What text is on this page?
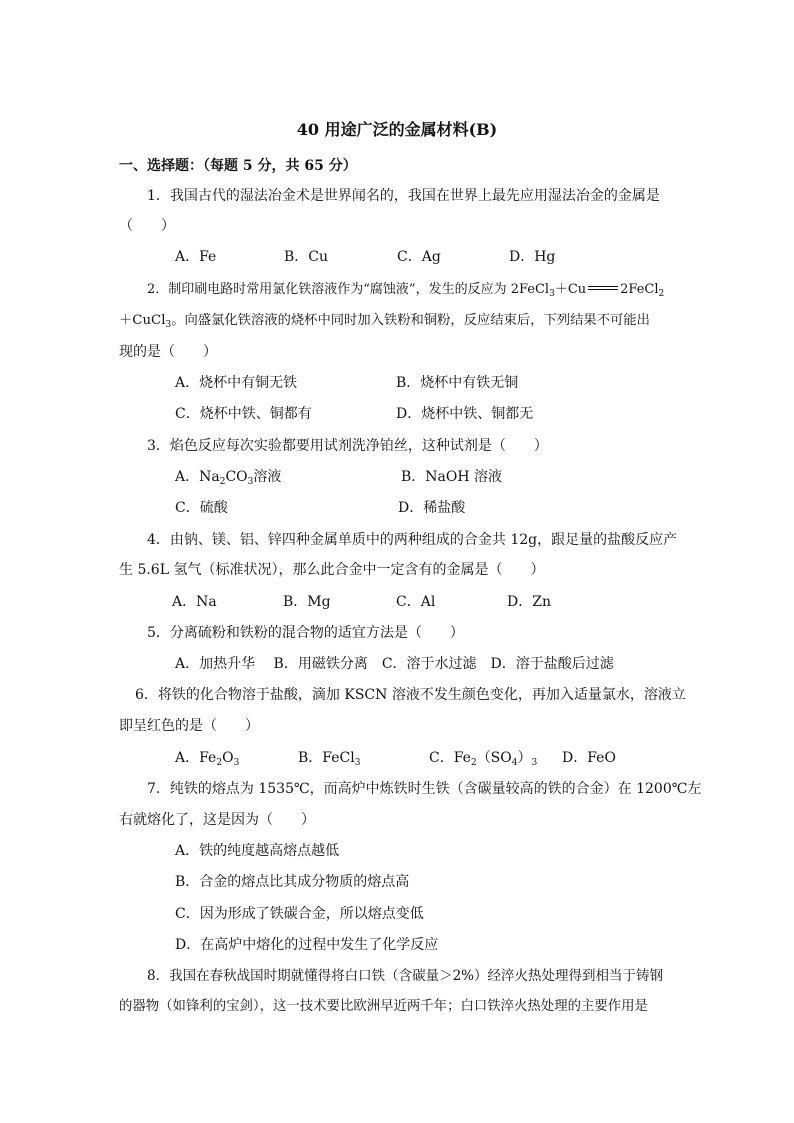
40 用途广泛的金属材料(B)
一、选择题：（每题 5 分，共 65 分）
1．我国古代的湿法冶金术是世界闻名的，我国在世界上最先应用湿法冶金的金属是
（　　）
A．Fe	B．Cu	C．Ag	D．Hg
2．制印刷电路时常用氯化铁溶液作为“腐蚀液”，发生的反应为 2FeCl$_3$＋Cu	2FeCl$_2$
＋CuCl$_3$。向盛氯化铁溶液的烧杯中同时加入铁粉和铜粉，反应结束后，下列结果不可能出
现的是（　　）
A．烧杯中有铜无铁	B．烧杯中有铁无铜
C．烧杯中铁、铜都有	D．烧杯中铁、铜都无
3．焰色反应每次实验都要用试剂洗净铂丝，这种试剂是（　　）
A．$Na_2CO_3$溶液	B．NaOH 溶液
C．硫酸	D．稀盐酸
4．由钠、镁、铝、锌四种金属单质中的两种组成的合金共 12g，跟足量的盐酸反应产
生 5.6L 氢气（标准状况），那么此合金中一定含有的金属是（　　）
A．Na	B．Mg	C．Al	D．Zn
5．分离硫粉和铁粉的混合物的适宜方法是（　　）
A．加热升华　 B．用磁铁分离　C．溶于水过滤　D．溶于盐酸后过滤
6．将铁的化合物溶于盐酸，滴加 KSCN 溶液不发生颜色变化，再加入适量氯水，溶液立
即呈红色的是（　　）
A．$Fe_2O_3$	B．FeCl$_3$	C．$Fe_2(SO_4)_3$ D．FeO
7．纯铁的熔点为 1535℃，而高炉中炼铁时生铁（含碳量较高的铁的合金）在 1200℃左
右就熔化了，这是因为（　　）
A．铁的纯度越高熔点越低
B．合金的熔点比其成分物质的熔点高
C．因为形成了铁碳合金，所以熔点变低
D．在高炉中熔化的过程中发生了化学反应
8．我国在春秋战国时期就懂得将白口铁（含碳量＞2%）经淬火热处理得到相当于铸钢
的器物（如锋利的宝剑），这一技术要比欧洲早近两千年；白口铁淬火热处理的主要作用是
